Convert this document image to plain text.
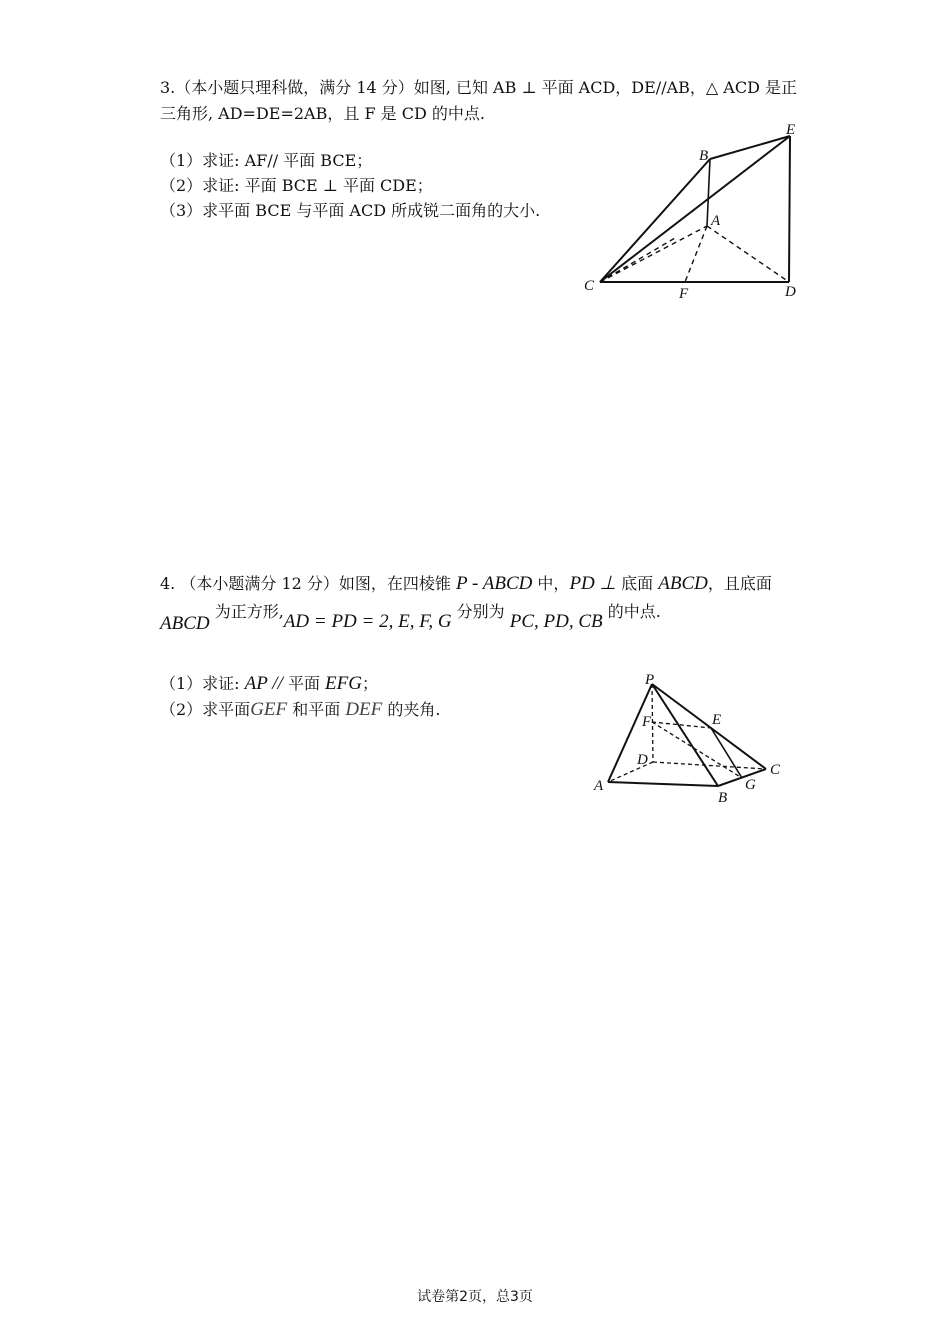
3.（本小题只理科做，满分 14 分）如图, 已知 AB ⊥ 平面 ACD，DE//AB，△ ACD 是正
三角形, AD=DE=2AB，且 F 是 CD 的中点.
（1）求证: AF// 平面 BCE；
（2）求证: 平面 BCE ⊥ 平面 CDE；
（3）求平面 BCE 与平面 ACD 所成锐二面角的大小.
B
E
A
C	F	D
4. （本小题满分 12 分）如图，在四棱锥 P - ABCD 中，PD ⊥ 底面 ABCD，且底面
ABCD 为正方形,AD = PD = 2, E, F, G 分别为 PC, PD, CB 的中点.
（1）求证: AP // 平面 EFG；
（2）求平面GEF 和平面 DEF 的夹角.
P
F	E
D
C
G
A
B
试卷第2页，总3页
